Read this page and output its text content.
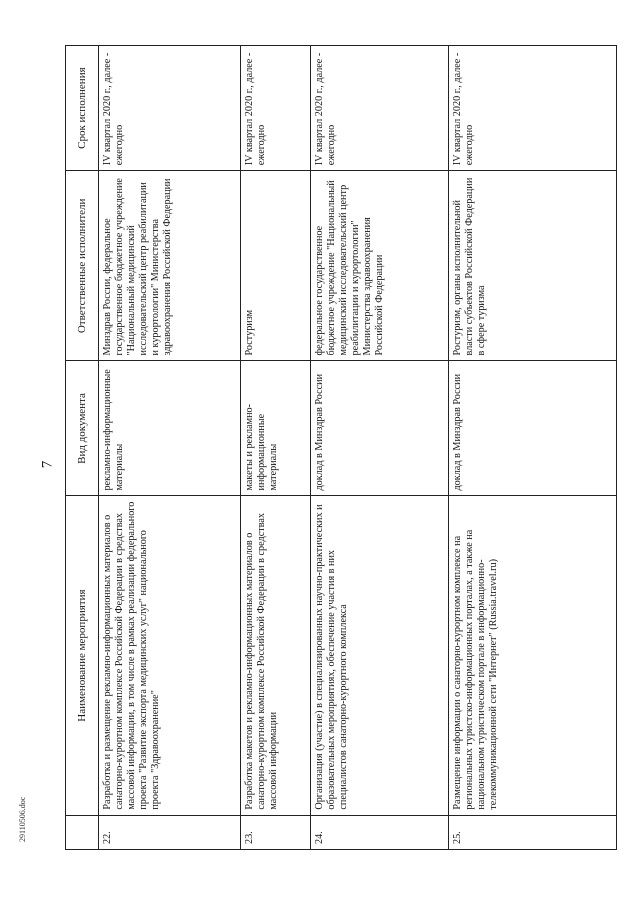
7
	Наименование мероприятия	Вид документа	Ответственные исполнители	Срок исполнения
22.	Разработка и размещение рекламно-информационных материалов о санаторно-курортном комплексе Российской Федерации в средствах массовой информации, в том числе в рамках реализации федерального проекта "Развитие экспорта медицинских услуг" национального проекта "Здравоохранение"	рекламно-информационные материалы	Минздрав России, федеральное государственное бюджетное учреждение "Национальный медицинский исследовательский центр реабилитации и курортологии" Министерства здравоохранения Российской Федерации	IV квартал 2020 г., далее - ежегодно
23.	Разработка макетов и рекламно-информационных материалов о санаторно-курортном комплексе Российской Федерации в средствах массовой информации	макеты и рекламно-информационные материалы	Ростуризм	IV квартал 2020 г., далее - ежегодно
24.	Организация (участие) в специализированных научно-практических и образовательных мероприятиях, обеспечение участия в них специалистов санаторно-курортного комплекса	доклад в Минздрав России	федеральное государственное бюджетное учреждение "Национальный медицинский исследовательский центр реабилитации и курортологии" Министерства здравоохранения Российской Федерации	IV квартал 2020 г., далее - ежегодно
25.	Размещение информации о санаторно-курортном комплексе на региональных туристско-информационных порталах, а также на национальном туристическом портале в информационно-телекоммуникационной сети "Интернет" (Russia.travel.ru)	доклад в Минздрав России	Ростуризм, органы исполнительной власти субъектов Российской Федерации в сфере туризма	IV квартал 2020 г., далее - ежегодно
29110506.doc
